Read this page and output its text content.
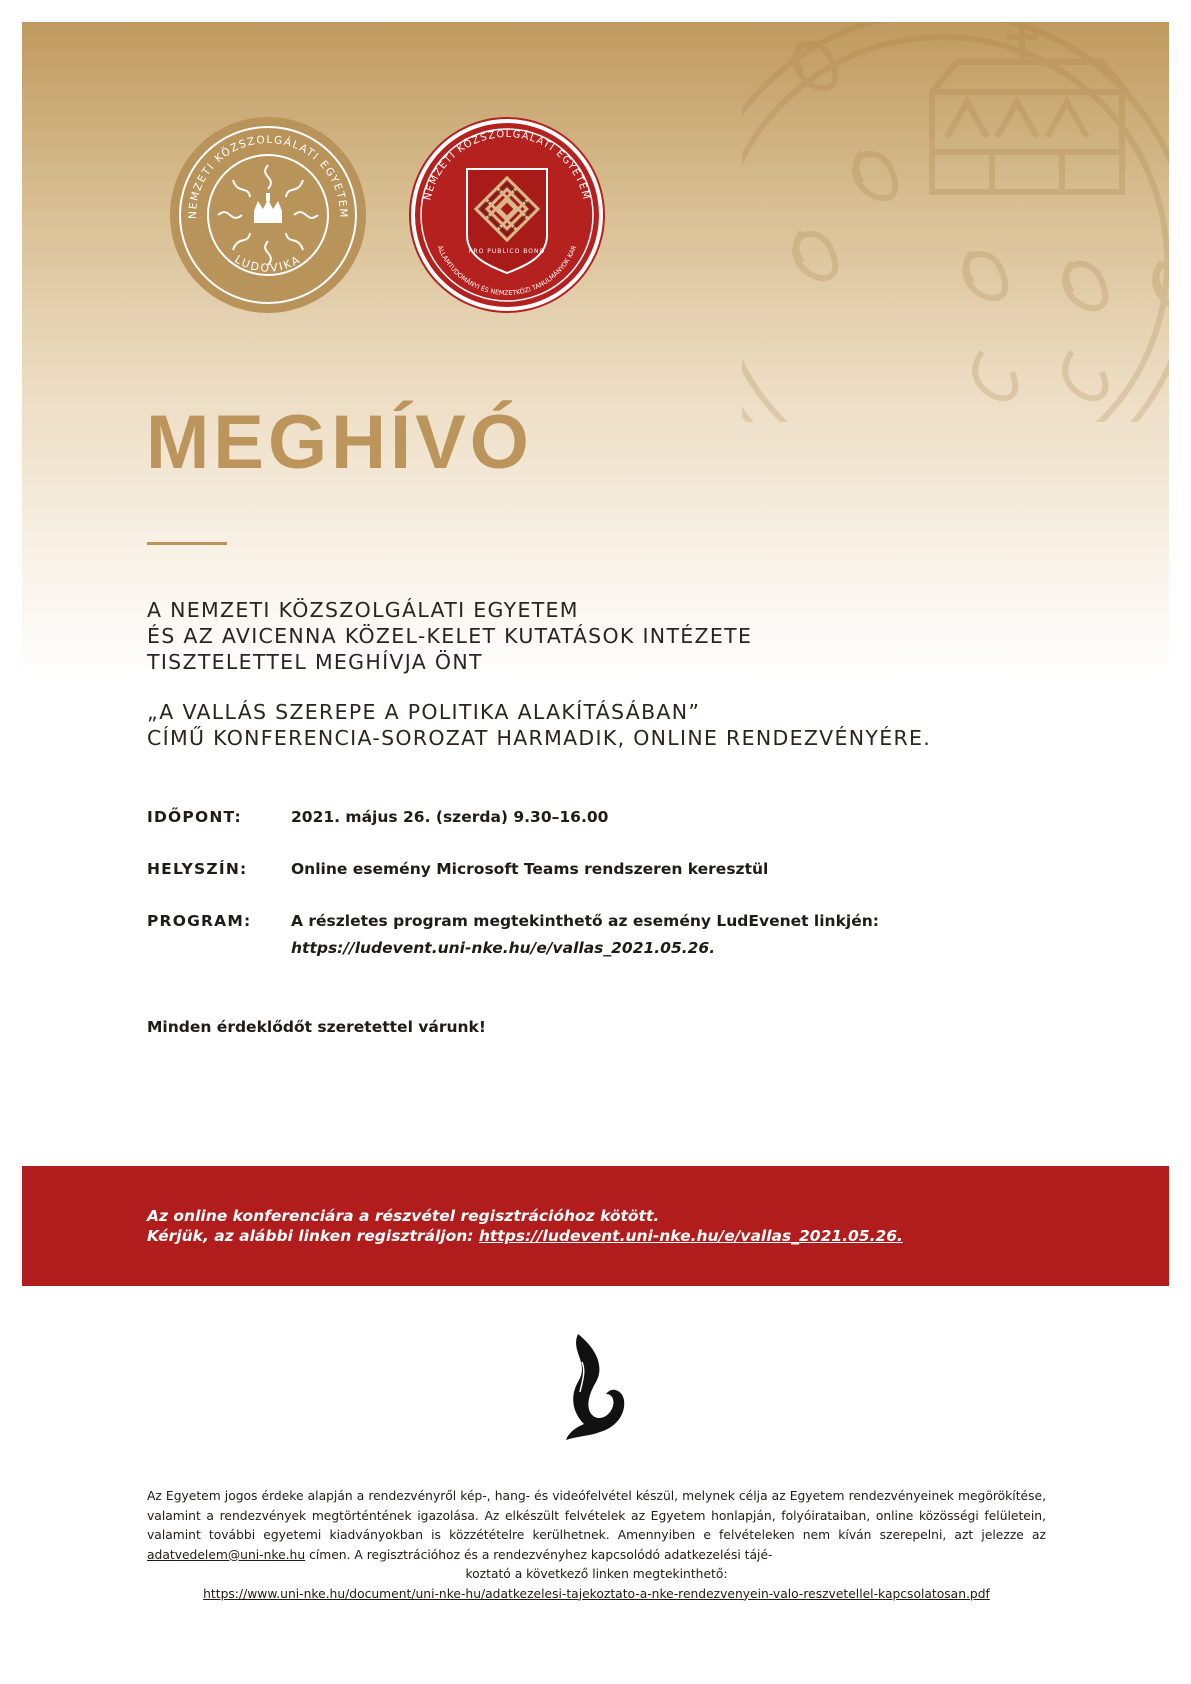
NEMZETI KÖZSZOLGÁLATI EGYETEM
LUDOVIKA
PRO PUBLICO BONO
NEMZETI KÖZSZOLGÁLATI EGYETEM
ÁLLAMTUDOMÁNYI ÉS NEMZETKÖZI TANULMÁNYOK KAR
MEGHÍVÓ
A NEMZETI KÖZSZOLGÁLATI EGYETEM
ÉS AZ AVICENNA KÖZEL-KELET KUTATÁSOK INTÉZETE
TISZTELETTEL MEGHÍVJA ÖNT
„A VALLÁS SZEREPE A POLITIKA ALAKÍTÁSÁBAN”
CÍMŰ KONFERENCIA-SOROZAT HARMADIK, ONLINE RENDEZVÉNYÉRE.
IDŐPONT:	2021. május 26. (szerda) 9.30–16.00
HELYSZÍN:	Online esemény Microsoft Teams rendszeren keresztül
PROGRAM:	A részletes program megtekinthető az esemény LudEvenet linkjén:
https://ludevent.uni-nke.hu/e/vallas_2021.05.26.
Minden érdeklődőt szeretettel várunk!
Az online konferenciára a részvétel regisztrációhoz kötött.
Kérjük, az alábbi linken regisztráljon: https://ludevent.uni-nke.hu/e/vallas_2021.05.26.
Az Egyetem jogos érdeke alapján a rendezvényről kép-, hang- és videófelvétel készül, melynek célja az Egyetem rendezvényeinek megörökítése, valamint a rendezvények megtörténtének igazolása. Az elkészült felvételek az Egyetem honlapján, folyóirataiban, online közösségi felületein, valamint további egyetemi kiadványokban is közzétételre kerülhetnek. Amennyiben e felvételeken nem kíván szerepelni, azt jelezze az adatvedelem@uni-nke.hu címen. A regisztrációhoz és a rendezvényhez kapcsolódó adatkezelési tájé-
koztató a következő linken megtekinthető:
https://www.uni-nke.hu/document/uni-nke-hu/adatkezelesi-tajekoztato-a-nke-rendezvenyein-valo-reszvetellel-kapcsolatosan.pdf
